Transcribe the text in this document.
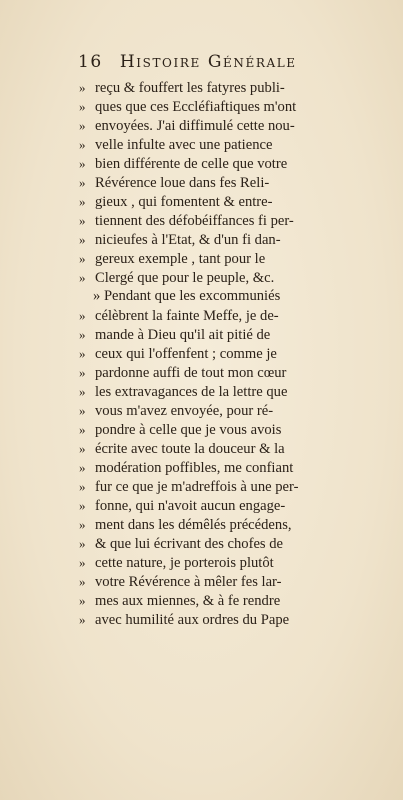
16 Histoire Générale
» reçu & fouffert les fatyres publi-
» ques que ces Eccléfiaftiques m'ont
» envoyées. J'ai diffimulé cette nou-
» velle infulte avec une patience
» bien différente de celle que votre
» Révérence loue dans fes Reli-
» gieux , qui fomentent & entre-
» tiennent des défobéiffances fi per-
» nicieufes à l'Etat, & d'un fi dan-
» gereux exemple , tant pour le
» Clergé que pour le peuple, &c.
» Pendant que les excommuniés
» célèbrent la fainte Meffe, je de-
» mande à Dieu qu'il ait pitié de
» ceux qui l'offenfent ; comme je
» pardonne auffi de tout mon cœur
» les extravagances de la lettre que
» vous m'avez envoyée, pour ré-
» pondre à celle que je vous avois
» écrite avec toute la douceur & la
» modération poffibles, me confiant
» fur ce que je m'adreffois à une per-
» fonne, qui n'avoit aucun engage-
» ment dans les démêlés précédens,
» & que lui écrivant des chofes de
» cette nature, je porterois plutôt
» votre Révérence à mêler fes lar-
» mes aux miennes, & à fe rendre
» avec humilité aux ordres du Pape
